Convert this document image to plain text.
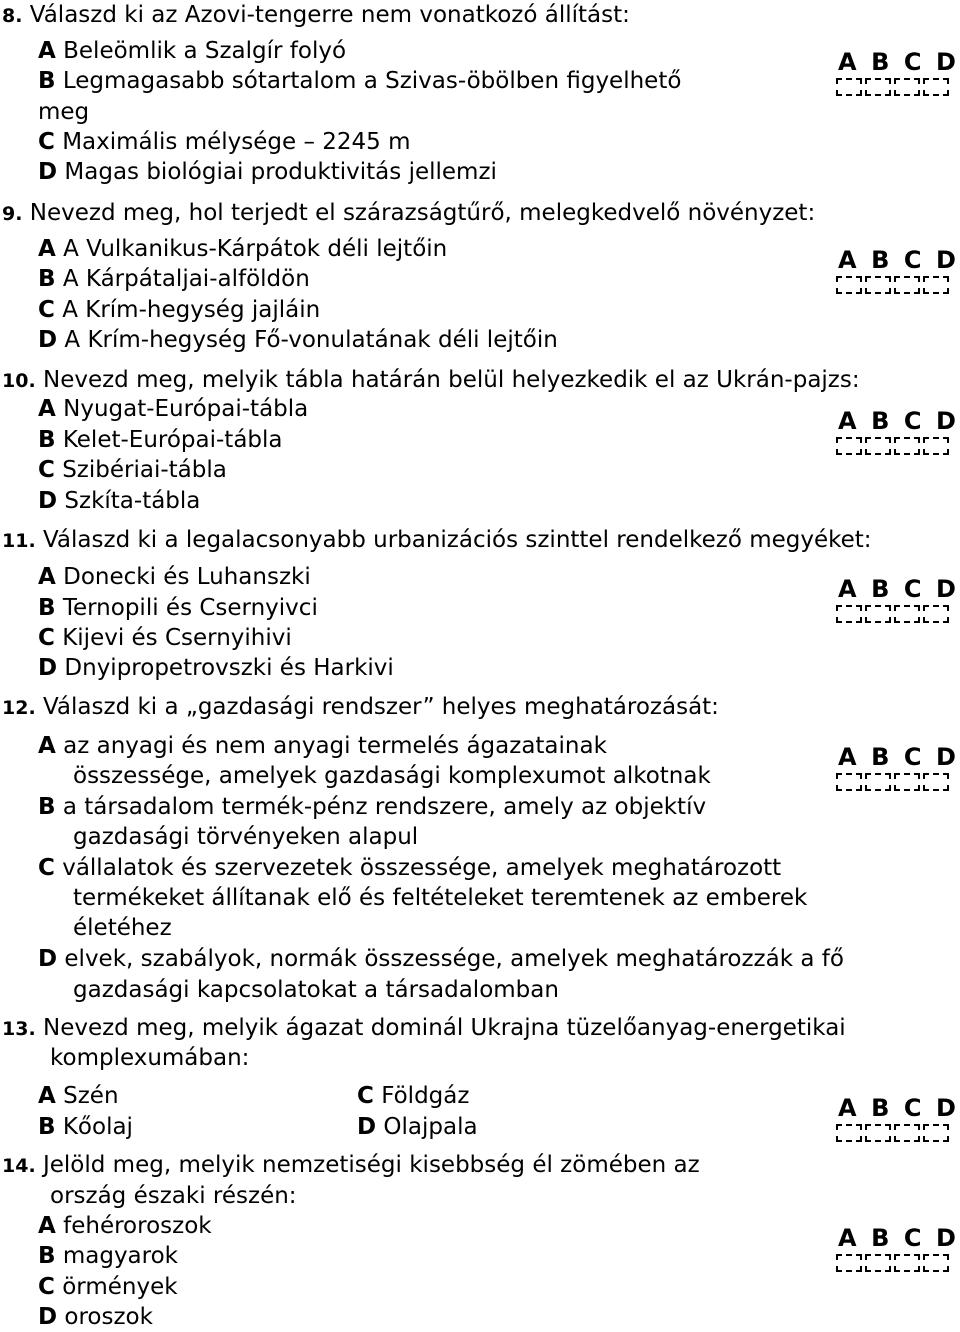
8. Válaszd ki az Azovi-tengerre nem vonatkozó állítást:
A Beleömlik a Szalgír folyó
B Legmagasabb sótartalom a Szivas-öbölben figyelhető
meg
C Maximális mélysége – 2245 m
D Magas biológiai produktivitás jellemzi
A B C D
9. Nevezd meg, hol terjedt el szárazságtűrő, melegkedvelő növényzet:
A A Vulkanikus-Kárpátok déli lejtőin
B A Kárpátaljai-alföldön
C A Krím-hegység jajláin
D A Krím-hegység Fő-vonulatának déli lejtőin
A B C D
10. Nevezd meg, melyik tábla határán belül helyezkedik el az Ukrán-pajzs:
A Nyugat-Európai-tábla
B Kelet-Európai-tábla
C Szibériai-tábla
D Szkíta-tábla
A B C D
11. Válaszd ki a legalacsonyabb urbanizációs szinttel rendelkező megyéket:
A Donecki és Luhanszki
B Ternopili és Csernyivci
C Kijevi és Csernyihivi
D Dnyipropetrovszki és Harkivi
A B C D
12. Válaszd ki a „gazdasági rendszer” helyes meghatározását:
A az anyagi és nem anyagi termelés ágazatainak
összessége, amelyek gazdasági komplexumot alkotnak
B a társadalom termék-pénz rendszere, amely az objektív
gazdasági törvényeken alapul
C vállalatok és szervezetek összessége, amelyek meghatározott
termékeket állítanak elő és feltételeket teremtenek az emberek
életéhez
D elvek, szabályok, normák összessége, amelyek meghatározzák a fő
gazdasági kapcsolatokat a társadalomban
A B C D
13. Nevezd meg, melyik ágazat dominál Ukrajna tüzelőanyag-energetikai
komplexumában:
A Szén
B Kőolaj
C Földgáz
D Olajpala
A B C D
14. Jelöld meg, melyik nemzetiségi kisebbség él zömében az
ország északi részén:
A fehéroroszok
B magyarok
C örmények
D oroszok
A B C D
